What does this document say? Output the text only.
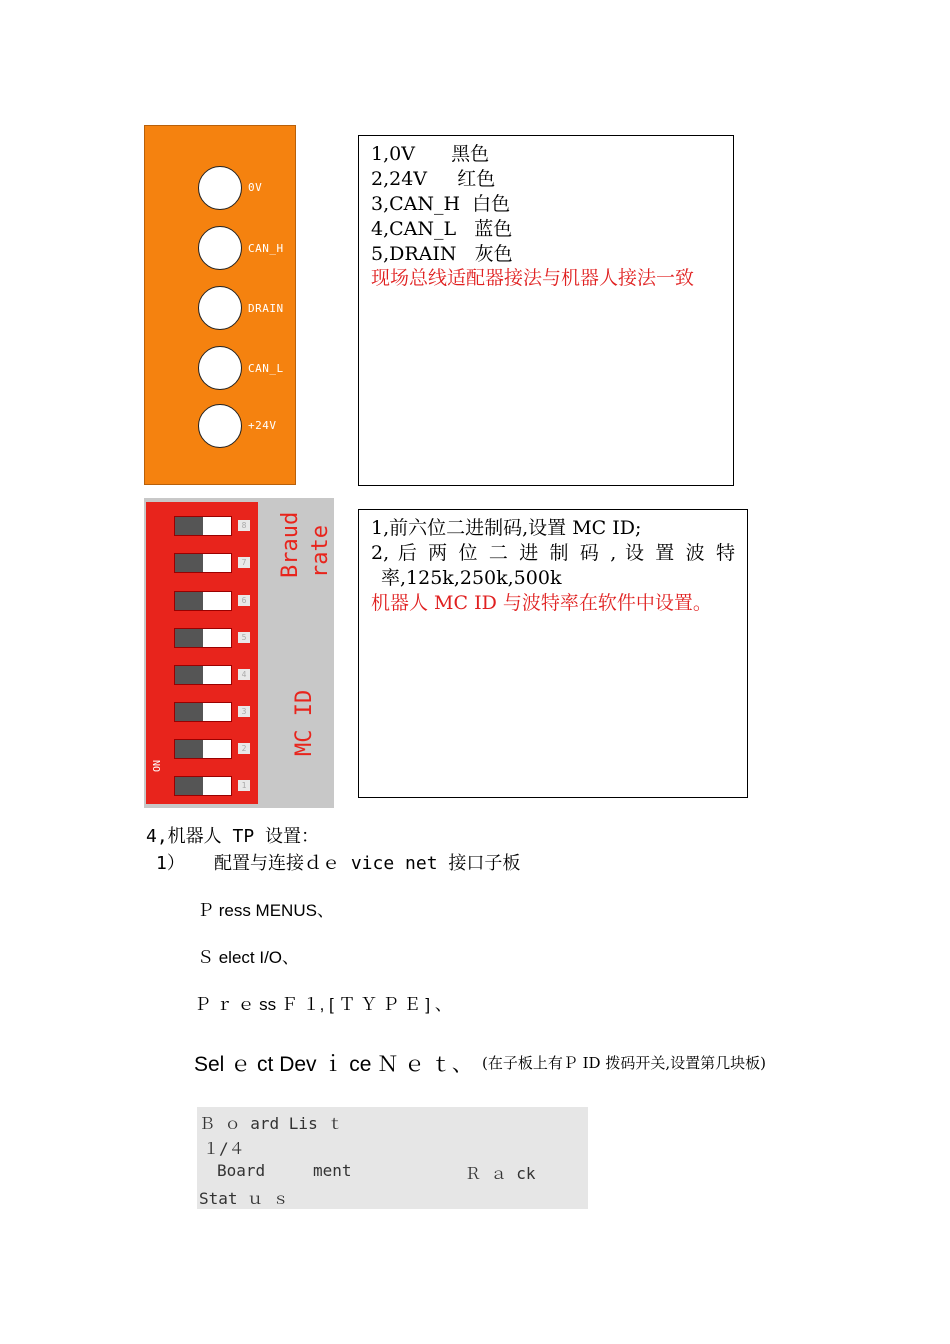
0V
CAN_H
DRAIN
CAN_L
+24V
1,0V      黑色
2,24V     红色
3,CAN_H  白色
4,CAN_L   蓝色
5,DRAIN   灰色
现场总线适配器接法与机器人接法一致
8
7
6
5
4
3
2
1
ON
Braud rate
MC ID
1,前六位二进制码,设置 MC ID;
2, 后 两 位 二 进 制 码 , 设 置 波 特
率,125k,250k,500k
机器人 MC ID 与波特率在软件中设置。
4,机器人 TP 设置：
1） 配置与连接ｄｅ vice net 接口子板
Ｐ ress MENUS、
Ｓ elect I/O、
Ｐ ｒ ｅ ss Ｆ １, [ Ｔ Ｙ Ｐ Ｅ ] 、
Sel ｅ ct Dev ｉ ce Ｎ ｅ ｔ、 (在子板上有Ｐ ID 拨码开关,设置第几块板)
Ｂ ｏ ard Lis ｔ
１/４
Board	ment	Ｒ ａ ck
Stat ｕ ｓ
